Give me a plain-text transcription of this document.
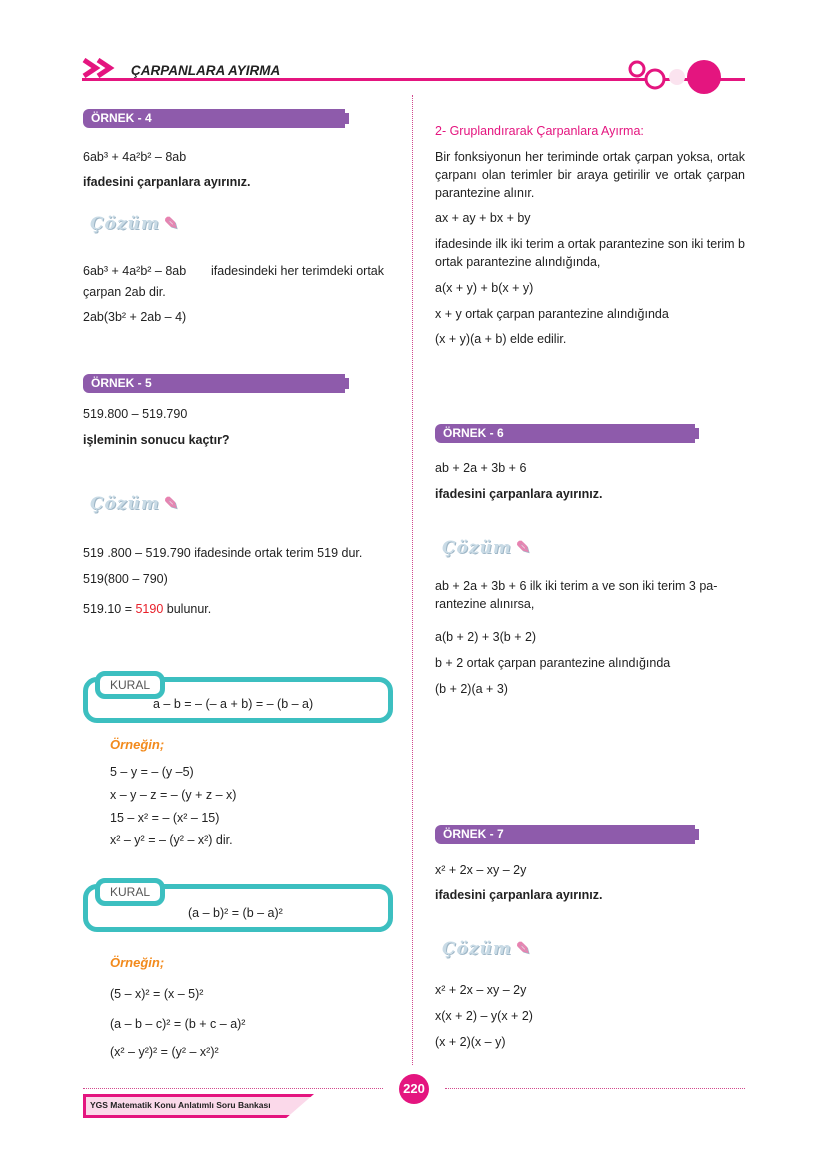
ÇARPANLARA AYIRMA
ÖRNEK - 4
6ab³ + 4a²b² – 8ab
ifadesini çarpanlara ayırınız.
Çözüm ✎
6ab³ + 4a²b² – 8ab ifadesindeki her terimdeki ortak
çarpan 2ab dir.
2ab(3b² + 2ab – 4)
ÖRNEK - 5
519.800 – 519.790
işleminin sonucu kaçtır?
Çözüm ✎
519 .800 – 519.790 ifadesinde ortak terim 519 dur.
519(800 – 790)
519.10 = 5190 bulunur.
KURAL
a – b = – (– a + b) = – (b – a)
Örneğin;
5 – y = – (y –5)
x – y – z = – (y + z – x)
15 – x² = – (x² – 15)
x² – y² = – (y² – x²) dir.
KURAL
(a – b)² = (b – a)²
Örneğin;
(5 – x)² = (x – 5)²
(a – b – c)² = (b + c – a)²
(x² – y²)² = (y² – x²)²
2- Gruplandırarak Çarpanlara Ayırma:
Bir fonksiyonun her teriminde ortak çarpan yoksa, ortak çarpanı olan terimler bir araya getirilir ve ortak çarpan parantezine alınır.
ax + ay + bx + by
ifadesinde ilk iki terim a ortak parantezine son iki terim b ortak parantezine alındığında,
a(x + y) + b(x + y)
x + y ortak çarpan parantezine alındığında
(x + y)(a + b) elde edilir.
ÖRNEK - 6
ab + 2a + 3b + 6
ifadesini çarpanlara ayırınız.
Çözüm ✎
ab + 2a + 3b + 6 ilk iki terim a ve son iki terim 3 pa-
rantezine alınırsa,
a(b + 2) + 3(b + 2)
b + 2 ortak çarpan parantezine alındığında
(b + 2)(a + 3)
ÖRNEK - 7
x² + 2x – xy – 2y
ifadesini çarpanlara ayırınız.
Çözüm ✎
x² + 2x – xy – 2y
x(x + 2) – y(x + 2)
(x + 2)(x – y)
220
YGS Matematik Konu Anlatımlı Soru Bankası
